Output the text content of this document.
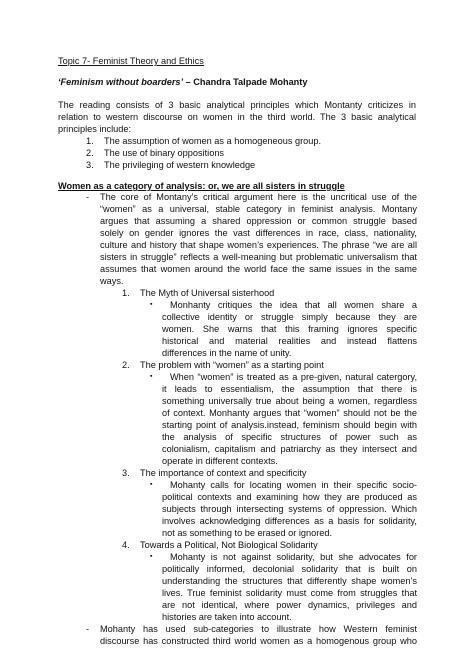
Topic 7- Feminist Theory and Ethics
‘Feminism without boarders’ – Chandra Talpade Mohanty
The reading consists of 3 basic analytical principles which Montanty criticizes in
relation to western discourse on women in the third world. The 3 basic analytical
principles include:
1. The assumption of women as a homogeneous group.
2. The use of binary oppositions
3. The privileging of western knowledge
Women as a category of analysis: or, we are all sisters in struggle
- The core of Montany’s critical argument here is the uncritical use of the
“women” as a universal, stable category in feminist analysis. Montany
argues that assuming a shared oppression or common struggle based
solely on gender ignores the vast differences in race, class, nationality,
culture and history that shape women’s experiences. The phrase “we are all
sisters in struggle” reflects a well-meaning but problematic universalism that
assumes that women around the world face the same issues in the same
ways.
1. The Myth of Universal sisterhood
▪ Monhanty critiques the idea that all women share a
collective identity or struggle simply because they are
women. She warns that this framing ignores specific
historical and material realities and instead flattens
differences in the name of unity.
2. The problem with “women” as a starting point
▪ When “women” is treated as a pre-given, natural catergory,
it leads to essentialism, the assumption that there is
something universally true about being a women, regardless
of context. Monhanty argues that “women” should not be the
starting point of analysis.instead, feminism should begin with
the analysis of specific structures of power such as
colonialism, capitalism and patriarchy as they intersect and
operate in different contexts.
3. The importance of context and specificity
▪ Mohanty calls for locating women in their specific socio-
political contexts and examining how they are produced as
subjects through intersecting systems of oppression. Which
involves acknowledging differences as a basis for solidarity,
not as something to be erased or ignored.
4. Towards a Political, Not Biological Solidarity
▪ Mohanty is not against solidarity, but she advocates for
politically informed, decolonial solidarity that is built on
understanding the structures that differently shape women’s
lives. True feminist solidarity must come from struggles that
are not identical, where power dynamics, privileges and
histories are taken into account.
- Mohanty has used sub-categories to illustrate how Western feminist
discourse has constructed third world women as a homogenous group who
